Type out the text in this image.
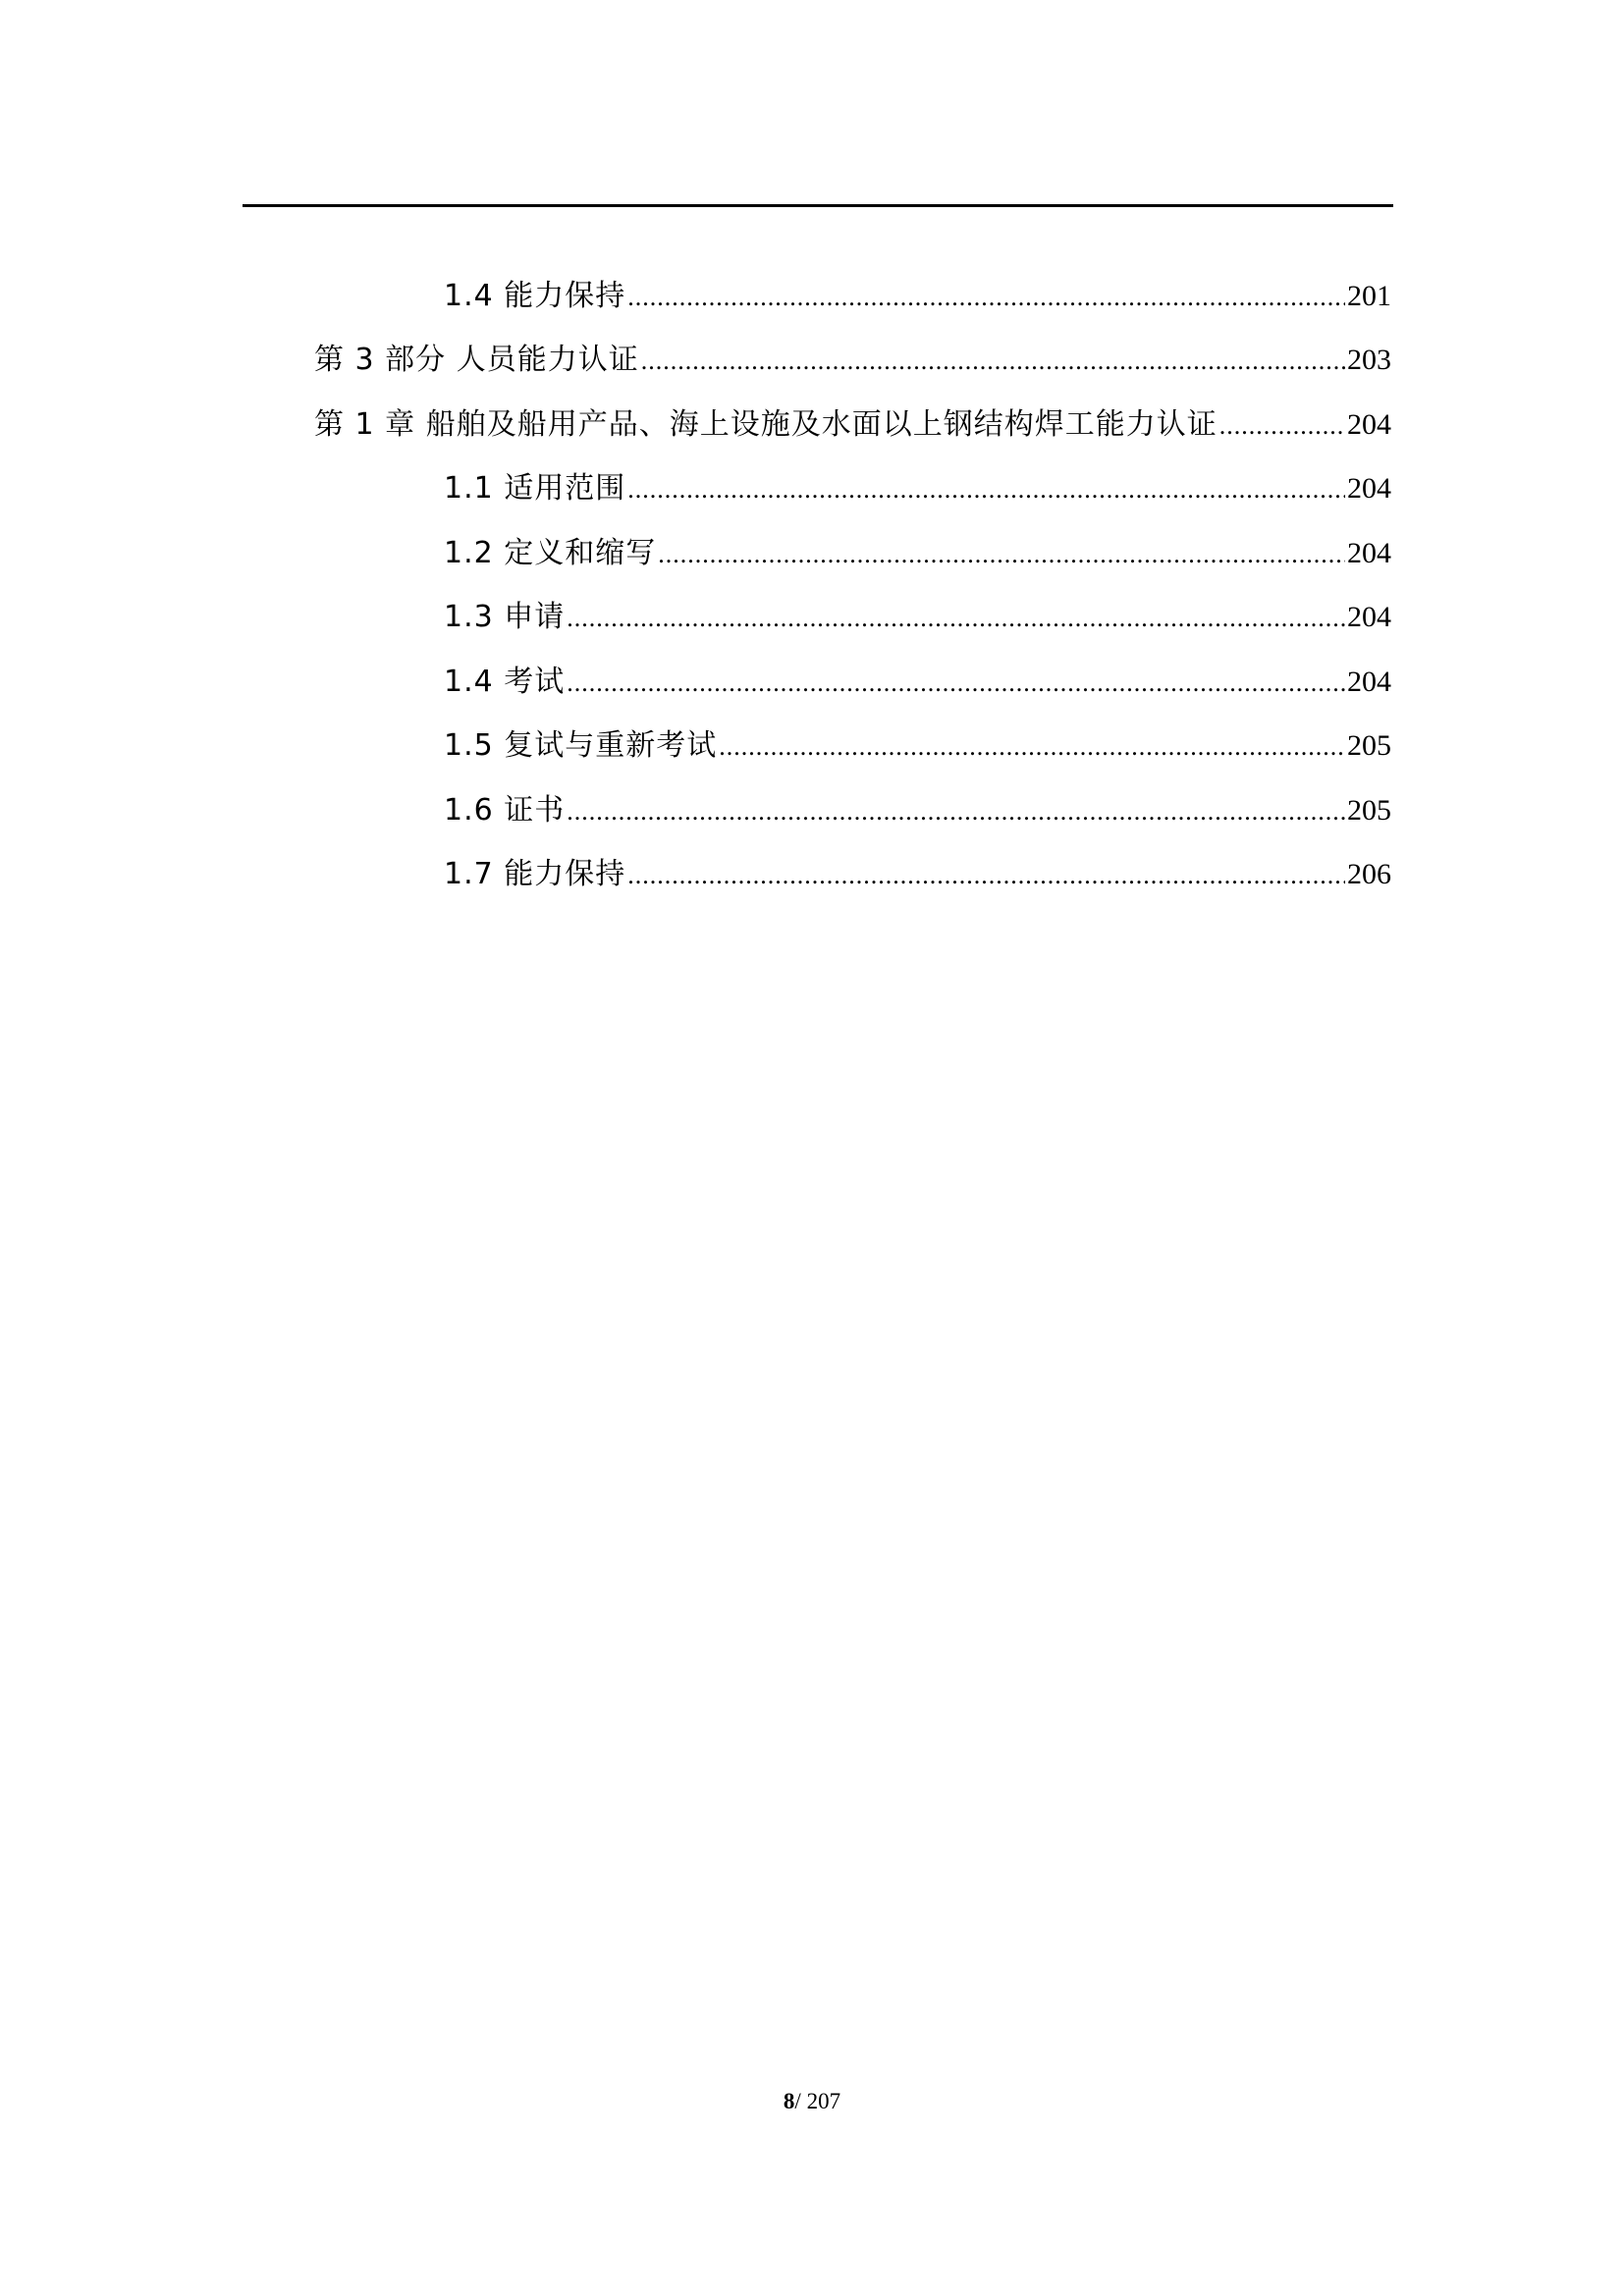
1.4 能力保持 .....	201
第 3 部分 人员能力认证 .....	203
第 1 章 船舶及船用产品、海上设施及水面以上钢结构焊工能力认证 .....	204
1.1 适用范围 .....	204
1.2 定义和缩写 .....	204
1.3 申请 .....	204
1.4 考试 .....	204
1.5 复试与重新考试 .....	205
1.6 证书 .....	205
1.7 能力保持 .....	206
8/ 207
